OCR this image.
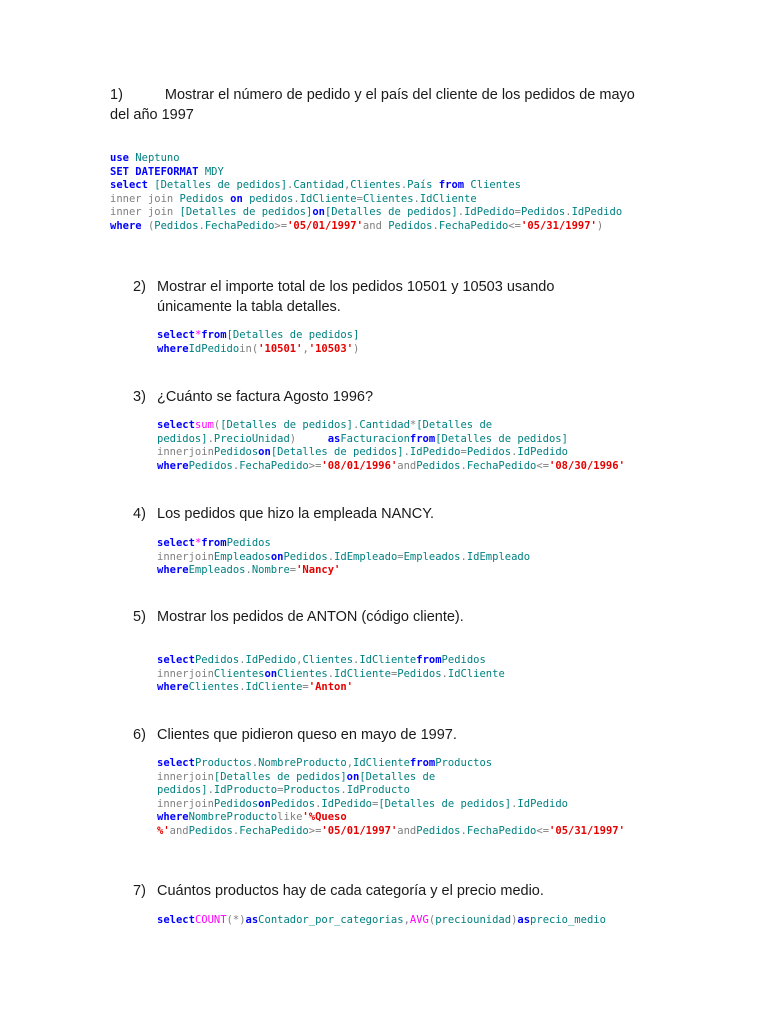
1)	Mostrar el número de pedido y el país del cliente de los pedidos de mayo
del año 1997
use Neptuno
SET DATEFORMAT MDY
select [Detalles de pedidos].Cantidad,Clientes.País from Clientes
inner join Pedidos on pedidos.IdCliente=Clientes.IdCliente
inner join [Detalles de pedidos]on[Detalles de pedidos].IdPedido=Pedidos.IdPedido
where (Pedidos.FechaPedido>='05/01/1997'and Pedidos.FechaPedido<='05/31/1997')
2) Mostrar el importe total de los pedidos 10501 y 10503 usando
únicamente la tabla detalles.
select*from[Detalles de pedidos]
whereIdPedidoin('10501','10503')
3) ¿Cuánto se factura Agosto 1996?
selectsum([Detalles de pedidos].Cantidad*[Detalles de
pedidos].PrecioUnidad)	asFacturacionfrom[Detalles de pedidos]
innerjoinPedidoson[Detalles de pedidos].IdPedido=Pedidos.IdPedido
wherePedidos.FechaPedido>='08/01/1996'andPedidos.FechaPedido<='08/30/1996'
4) Los pedidos que hizo la empleada NANCY.
select*fromPedidos
innerjoinEmpleadosonPedidos.IdEmpleado=Empleados.IdEmpleado
whereEmpleados.Nombre='Nancy'
5) Mostrar los pedidos de ANTON (código cliente).
selectPedidos.IdPedido,Clientes.IdClientefromPedidos
innerjoinClientesonClientes.IdCliente=Pedidos.IdCliente
whereClientes.IdCliente='Anton'
6) Clientes que pidieron queso en mayo de 1997.
selectProductos.NombreProducto,IdClientefromProductos
innerjoin[Detalles de pedidos]on[Detalles de
pedidos].IdProducto=Productos.IdProducto
innerjoinPedidosonPedidos.IdPedido=[Detalles de pedidos].IdPedido
whereNombreProductolike'%Queso
%'andPedidos.FechaPedido>='05/01/1997'andPedidos.FechaPedido<='05/31/1997'
7) Cuántos productos hay de cada categoría y el precio medio.
selectCOUNT(*)asContador_por_categorias,AVG(preciounidad)asprecio_medio
